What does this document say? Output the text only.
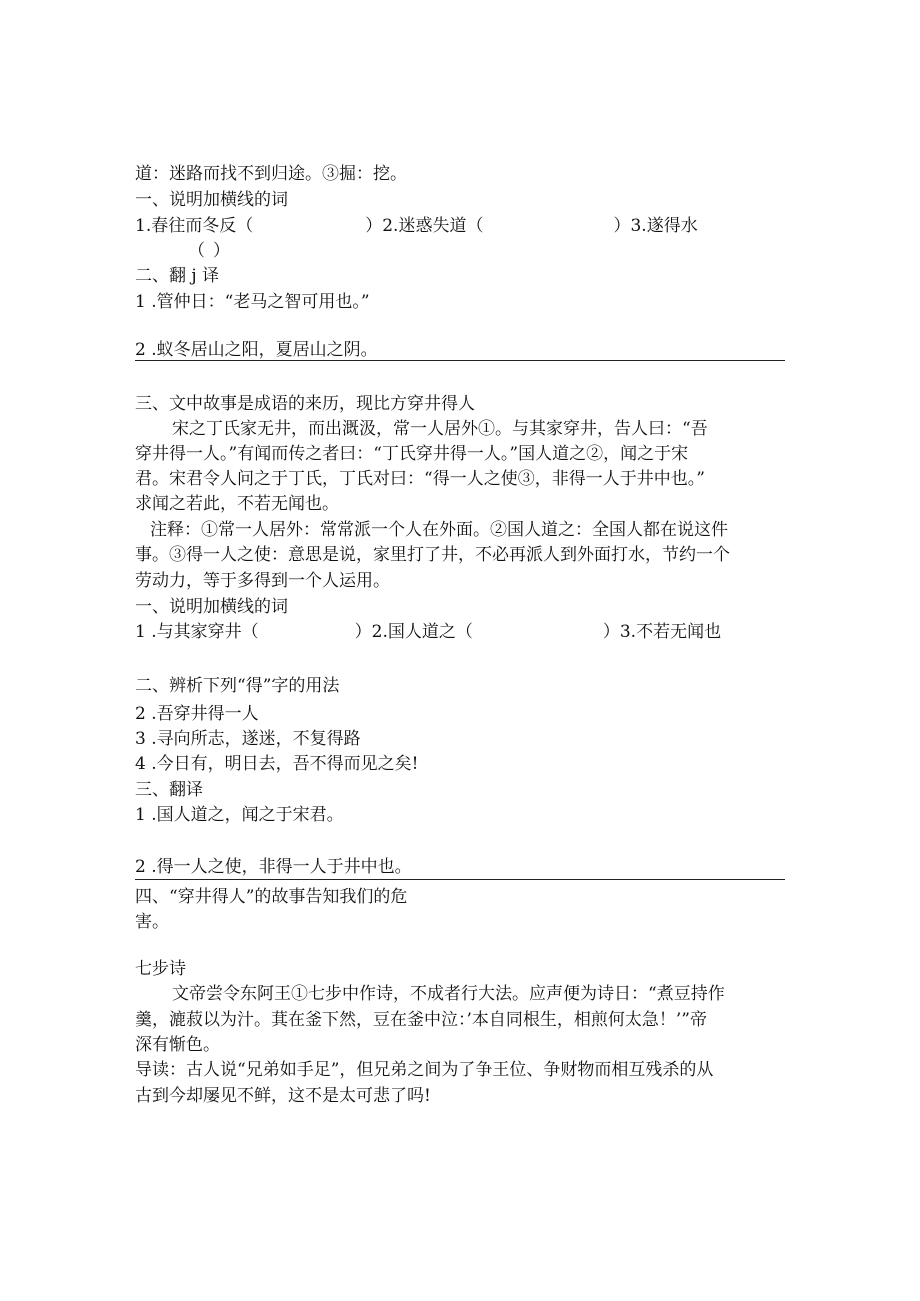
道：迷路而找不到归途。③掘：挖。
一、说明加横线的词
1.春往而冬反（	）2.迷惑失道（	）3.遂得水
（ ）
二、翻 j 译
1 .管仲日：“老马之智可用也。”
2 .蚁冬居山之阳，夏居山之阴。
三、文中故事是成语的来历，现比方穿井得人
宋之丁氏家无井，而出溉汲，常一人居外①。与其家穿井，告人曰：“吾
穿井得一人。”有闻而传之者曰：“丁氏穿井得一人。”国人道之②，闻之于宋
君。宋君令人问之于丁氏，丁氏对曰：“得一人之使③，非得一人于井中也。”
求闻之若此，不若无闻也。
注释：①常一人居外：常常派一个人在外面。②国人道之：全国人都在说这件
事。③得一人之使：意思是说，家里打了井，不必再派人到外面打水，节约一个
劳动力，等于多得到一个人运用。
一、说明加横线的词
1 .与其家穿井（	）2.国人道之（	）3.不若无闻也
二、辨析下列“得”字的用法
2 .吾穿井得一人
3 .寻向所志，遂迷，不复得路
4 .今日有，明日去，吾不得而见之矣!
三、翻译
1 .国人道之，闻之于宋君。
2 .得一人之使，非得一人于井中也。
四、“穿井得人”的故事告知我们的危
害。
七步诗
文帝尝令东阿王①七步中作诗，不成者行大法。应声便为诗日：“煮豆持作
羹，漉菽以为汁。萁在釜下然，豆在釜中泣：’本自同根生，相煎何太急！’”帝
深有惭色。
导读：古人说“兄弟如手足”，但兄弟之间为了争王位、争财物而相互残杀的从
古到今却屡见不鲜，这不是太可悲了吗!
